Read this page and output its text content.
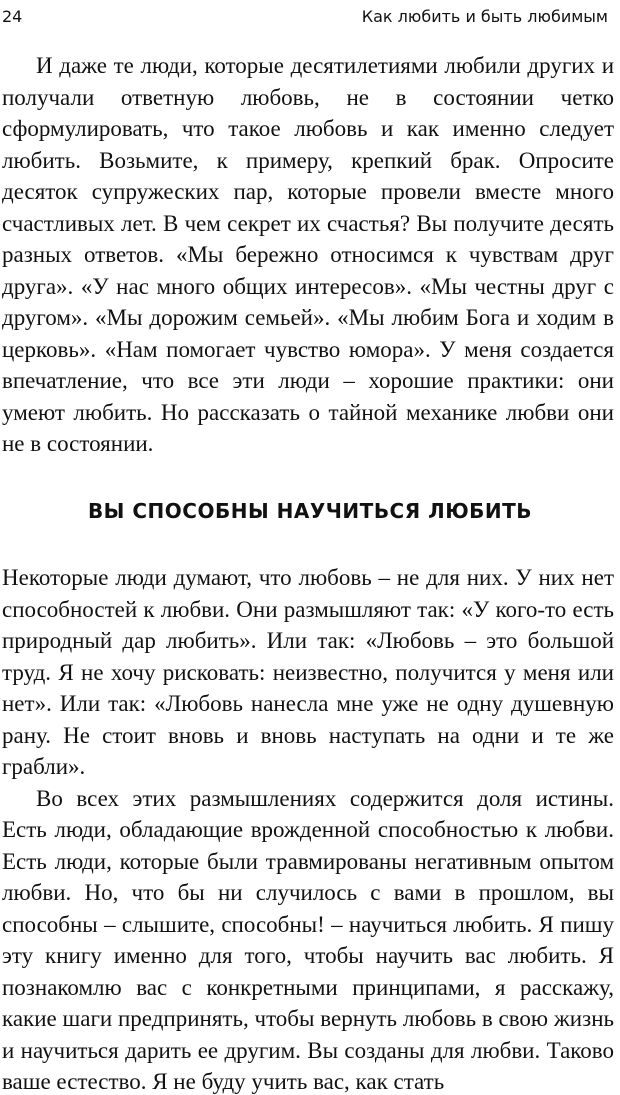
24	Как любить и быть любимым

И даже те люди, которые десятилетиями любили других и получали ответную любовь, не в состоянии четко сформулировать, что такое любовь и как именно следует любить. Возьмите, к примеру, крепкий брак. Опросите десяток супружеских пар, которые провели вместе много счастливых лет. В чем секрет их счастья? Вы получите десять разных ответов. «Мы бережно относимся к чувствам друг друга». «У нас много общих интересов». «Мы честны друг с другом». «Мы дорожим семьей». «Мы любим Бога и ходим в церковь». «Нам помогает чувство юмора». У меня создается впечатление, что все эти люди – хорошие практики: они умеют любить. Но рассказать о тайной механике любви они не в состоянии.

ВЫ СПОСОБНЫ НАУЧИТЬСЯ ЛЮБИТЬ

Некоторые люди думают, что любовь – не для них. У них нет способностей к любви. Они размышляют так: «У кого-то есть природный дар любить». Или так: «Любовь – это большой труд. Я не хочу рисковать: неизвестно, получится у меня или нет». Или так: «Любовь нанесла мне уже не одну душевную рану. Не стоит вновь и вновь наступать на одни и те же грабли».

Во всех этих размышлениях содержится доля истины. Есть люди, обладающие врожденной способностью к любви. Есть люди, которые были травмированы негативным опытом любви. Но, что бы ни случилось с вами в прошлом, вы способны – слышите, способны! – научиться любить. Я пишу эту книгу именно для того, чтобы научить вас любить. Я познакомлю вас с конкретными принципами, я расскажу, какие шаги предпринять, чтобы вернуть любовь в свою жизнь и научиться дарить ее другим. Вы созданы для любви. Таково ваше естество. Я не буду учить вас, как стать
